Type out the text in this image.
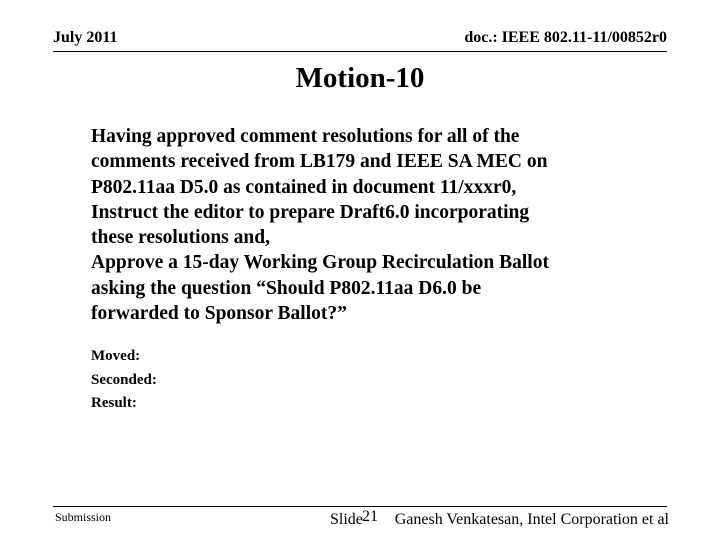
July 2011	doc.: IEEE 802.11-11/00852r0
Motion-10
Having approved comment resolutions for all of the
comments received from LB179 and IEEE SA MEC on
P802.11aa D5.0 as contained in document 11/xxxr0,
Instruct the editor to prepare Draft6.0 incorporating
these resolutions and,
Approve a 15-day Working Group Recirculation Ballot
asking the question “Should P802.11aa D6.0 be
forwarded to Sponsor Ballot?”
Moved:
Seconded:
Result:
Submission	Slide 21 Ganesh Venkatesan, Intel Corporation et al
